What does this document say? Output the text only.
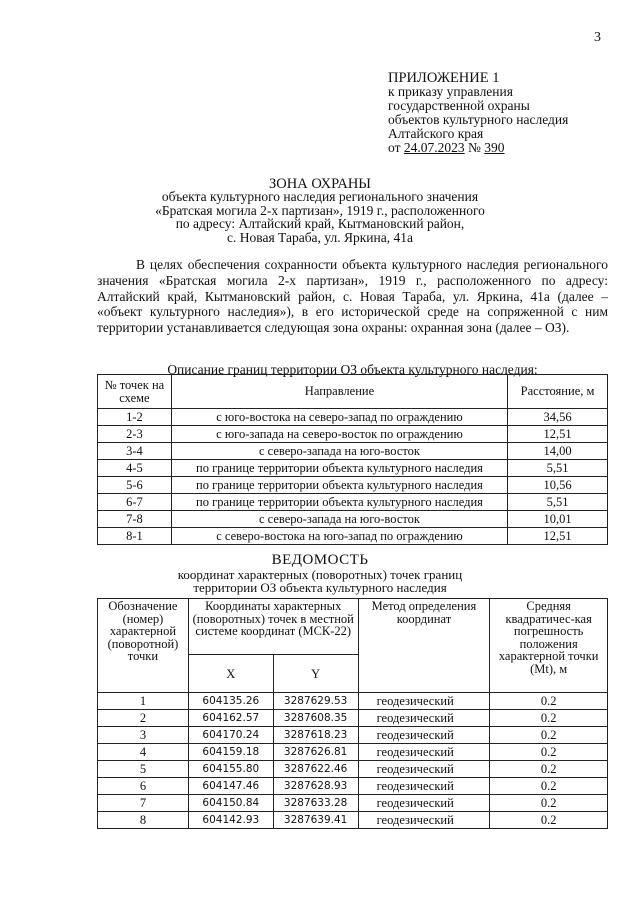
3
ПРИЛОЖЕНИЕ 1
к приказу управления
государственной охраны
объектов культурного наследия
Алтайского края
от 24.07.2023 № 390
ЗОНА ОХРАНЫ
объекта культурного наследия регионального значения
«Братская могила 2-х партизан», 1919 г., расположенного
по адресу: Алтайский край, Кытмановский район,
с. Новая Тараба, ул. Яркина, 41а

В целях обеспечения сохранности объекта культурного наследия регионального значения «Братская могила 2-х партизан», 1919 г., расположенного по адресу: Алтайский край, Кытмановский район, с. Новая Тараба, ул. Яркина, 41а (далее – «объект культурного наследия»), в его исторической среде на сопряженной с ним территории устанавливается следующая зона охраны: охранная зона (далее – ОЗ).

Описание границ территории ОЗ объекта культурного наследия:
№ точек на схеме	Направление	Расстояние, м
1-2	с юго-востока на северо-запад по ограждению	34,56
2-3	с юго-запада на северо-восток по ограждению	12,51
3-4	с северо-запада на юго-восток	14,00
4-5	по границе территории объекта культурного наследия	5,51
5-6	по границе территории объекта культурного наследия	10,56
6-7	по границе территории объекта культурного наследия	5,51
7-8	с северо-запада на юго-восток	10,01
8-1	с северо-востока на юго-запад по ограждению	12,51
ВЕДОМОСТЬ
координат характерных (поворотных) точек границ
территории ОЗ объекта культурного наследия
Обозначение (номер) характерной (поворотной) точки	Координаты характерных (поворотных) точек в местной системе координат (МСК-22)		Метод определения координат	Средняя квадратичес-кая погрешность положения характерной точки (Mt), м
	X	Y		
1	604135.26	3287629.53	геодезический	0.2
2	604162.57	3287608.35	геодезический	0.2
3	604170.24	3287618.23	геодезический	0.2
4	604159.18	3287626.81	геодезический	0.2
5	604155.80	3287622.46	геодезический	0.2
6	604147.46	3287628.93	геодезический	0.2
7	604150.84	3287633.28	геодезический	0.2
8	604142.93	3287639.41	геодезический	0.2
